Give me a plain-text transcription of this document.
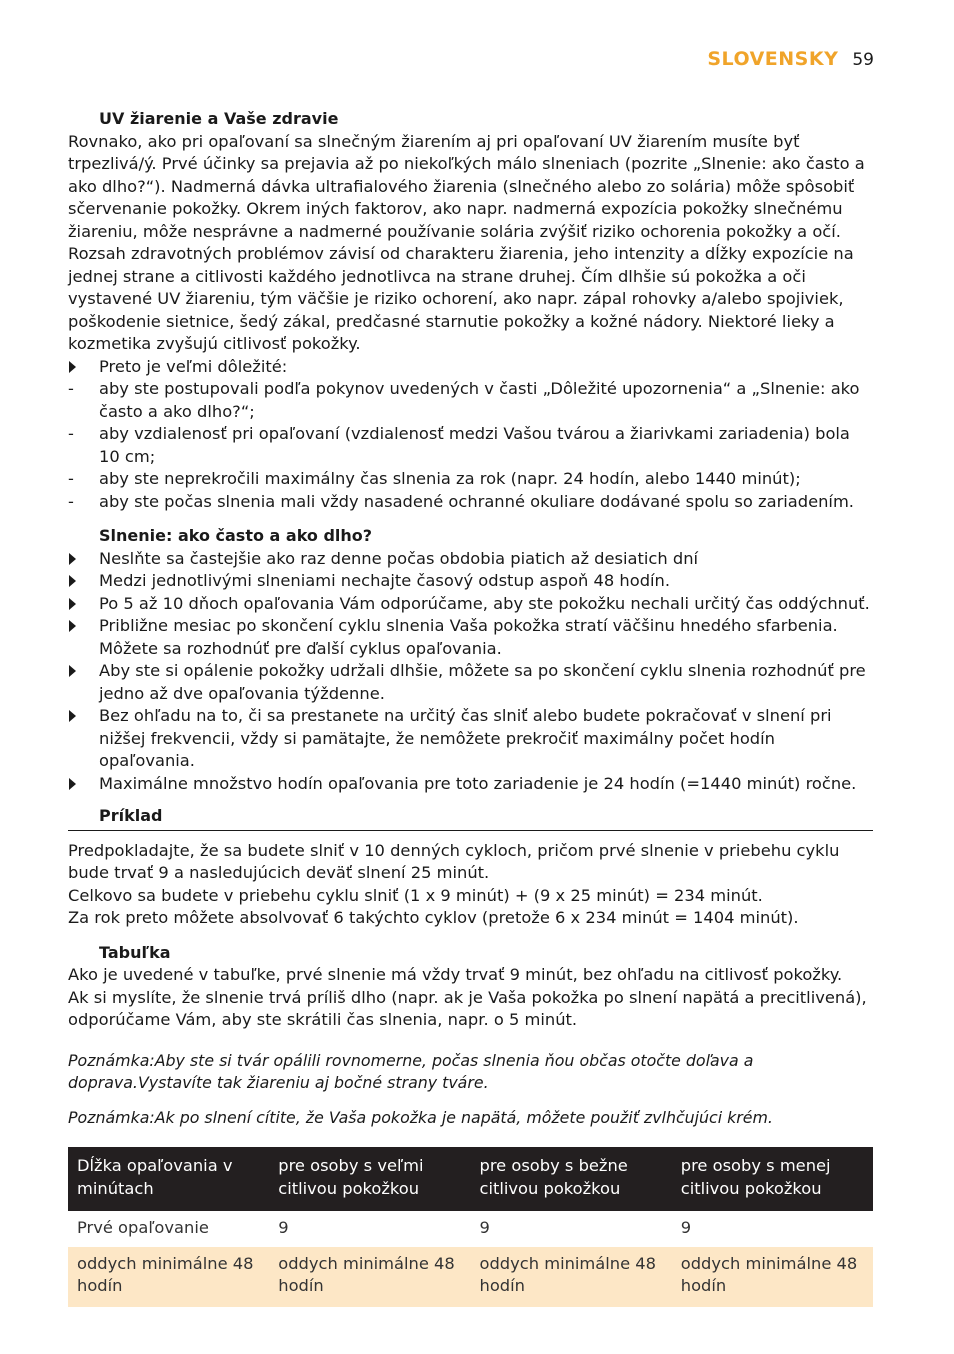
SLOVENSKY 59

UV žiarenie a Vaše zdravie

Rovnako, ako pri opaľovaní sa slnečným žiarením aj pri opaľovaní UV žiarením musíte byť trpezlivá/ý. Prvé účinky sa prejavia až po niekoľkých málo slneniach (pozrite „Slnenie: ako často a ako dlho?“). Nadmerná dávka ultrafialového žiarenia (slnečného alebo zo solária) môže spôsobiť sčervenanie pokožky. Okrem iných faktorov, ako napr. nadmerná expozícia pokožky slnečnému žiareniu, môže nesprávne a nadmerné používanie solária zvýšiť riziko ochorenia pokožky a očí. Rozsah zdravotných problémov závisí od charakteru žiarenia, jeho intenzity a dĺžky expozície na jednej strane a citlivosti každého jednotlivca na strane druhej. Čím dlhšie sú pokožka a oči vystavené UV žiareniu, tým väčšie je riziko ochorení, ako napr. zápal rohovky a/alebo spojiviek, poškodenie sietnice, šedý zákal, predčasné starnutie pokožky a kožné nádory. Niektoré lieky a kozmetika zvyšujú citlivosť pokožky.

Preto je veľmi dôležité:
-	aby ste postupovali podľa pokynov uvedených v časti „Dôležité upozornenia“ a „Slnenie: ako často a ako dlho?“;
-	aby vzdialenosť pri opaľovaní (vzdialenosť medzi Vašou tvárou a žiarivkami zariadenia) bola 10 cm;
-	aby ste neprekročili maximálny čas slnenia za rok (napr. 24 hodín, alebo 1440 minút);
-	aby ste počas slnenia mali vždy nasadené ochranné okuliare dodávané spolu so zariadením.

Slnenie: ako často a ako dlho?

Neslňte sa častejšie ako raz denne počas obdobia piatich až desiatich dní
Medzi jednotlivými slneniami nechajte časový odstup aspoň 48 hodín.
Po 5 až 10 dňoch opaľovania Vám odporúčame, aby ste pokožku nechali určitý čas oddýchnuť.
Približne mesiac po skončení cyklu slnenia Vaša pokožka stratí väčšinu hnedého sfarbenia. Môžete sa rozhodnúť pre ďalší cyklus opaľovania.
Aby ste si opálenie pokožky udržali dlhšie, môžete sa po skončení cyklu slnenia rozhodnúť pre jedno až dve opaľovania týždenne.
Bez ohľadu na to, či sa prestanete na určitý čas slniť alebo budete pokračovať v slnení pri nižšej frekvencii, vždy si pamätajte, že nemôžete prekročiť maximálny počet hodín opaľovania.
Maximálne množstvo hodín opaľovania pre toto zariadenie je 24 hodín (=1440 minút) ročne.

Príklad

Predpokladajte, že sa budete slniť v 10 denných cykloch, pričom prvé slnenie v priebehu cyklu bude trvať 9 a nasledujúcich deväť slnení 25 minút.

Celkovo sa budete v priebehu cyklu slniť (1 x 9 minút) + (9 x 25 minút) = 234 minút.

Za rok preto môžete absolvovať 6 takýchto cyklov (pretože 6 x 234 minút = 1404 minút).

Tabuľka

Ako je uvedené v tabuľke, prvé slnenie má vždy trvať 9 minút, bez ohľadu na citlivosť pokožky.

Ak si myslíte, že slnenie trvá príliš dlho (napr. ak je Vaša pokožka po slnení napätá a precitlivená), odporúčame Vám, aby ste skrátili čas slnenia, napr. o 5 minút.

Poznámka:Aby ste si tvár opálili rovnomerne, počas slnenia ňou občas otočte doľava a doprava.Vystavíte tak žiareniu aj bočné strany tváre.

Poznámka:Ak po slnení cítite, že Vaša pokožka je napätá, môžete použiť zvlhčujúci krém.

Dĺžka opaľovania v minútach	pre osoby s veľmi citlivou pokožkou	pre osoby s bežne citlivou pokožkou	pre osoby s menej citlivou pokožkou
Prvé opaľovanie	9	9	9
oddych minimálne 48 hodín	oddych minimálne 48 hodín	oddych minimálne 48 hodín	oddych minimálne 48 hodín
